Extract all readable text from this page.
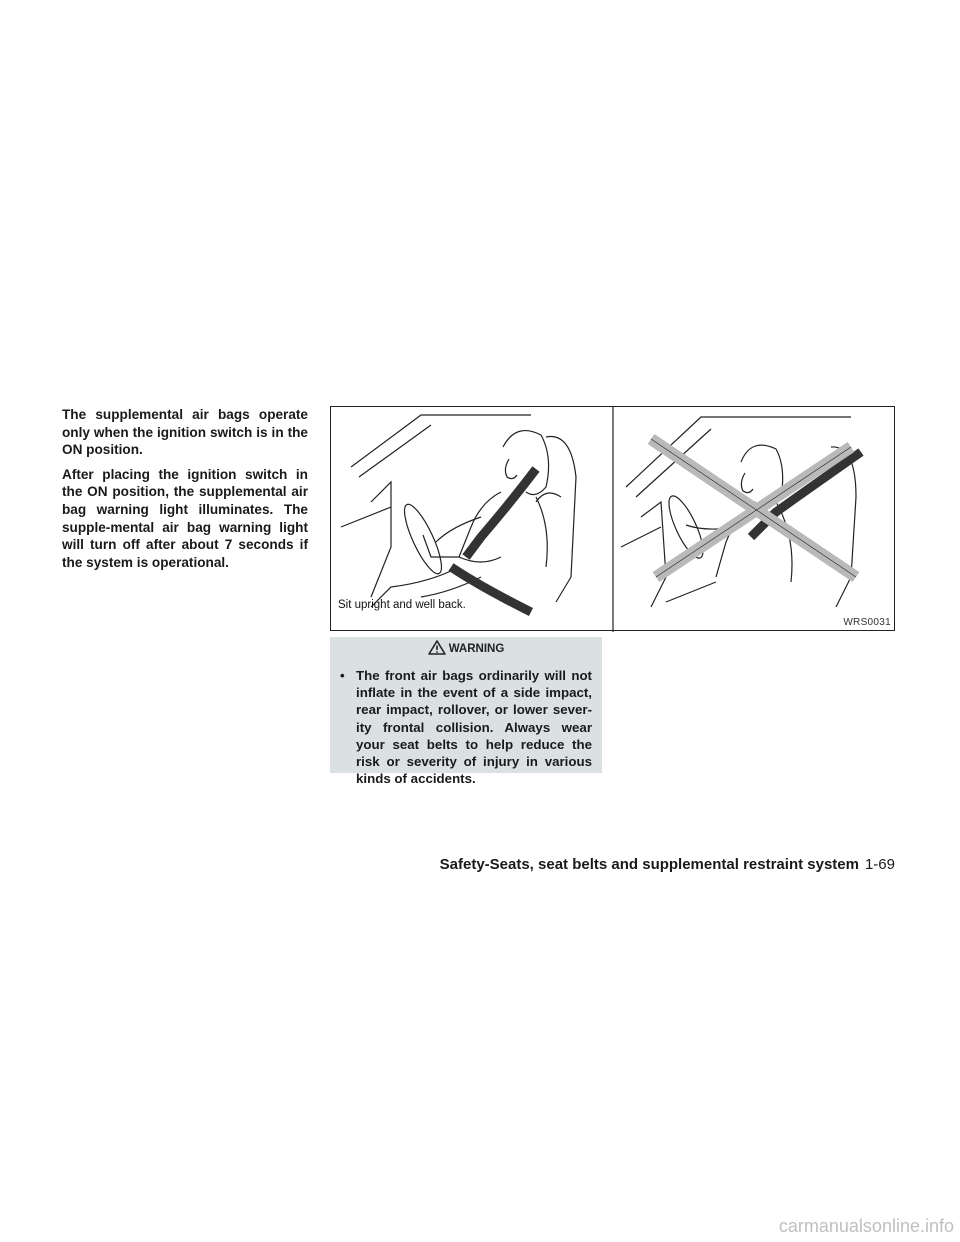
The supplemental air bags operate only when the ignition switch is in the ON position.

After placing the ignition switch in the ON position, the supplemental air bag warning light illuminates. The supple-mental air bag warning light will turn off after about 7 seconds if the system is operational.

Sit upright and well back.
WRS0031
WARNING
• The front air bags ordinarily will not inflate in the event of a side impact, rear impact, rollover, or lower sever-ity frontal collision. Always wear your seat belts to help reduce the risk or severity of injury in various kinds of accidents.
Safety-Seats, seat belts and supplemental restraint system 1-69
carmanualsonline.info
